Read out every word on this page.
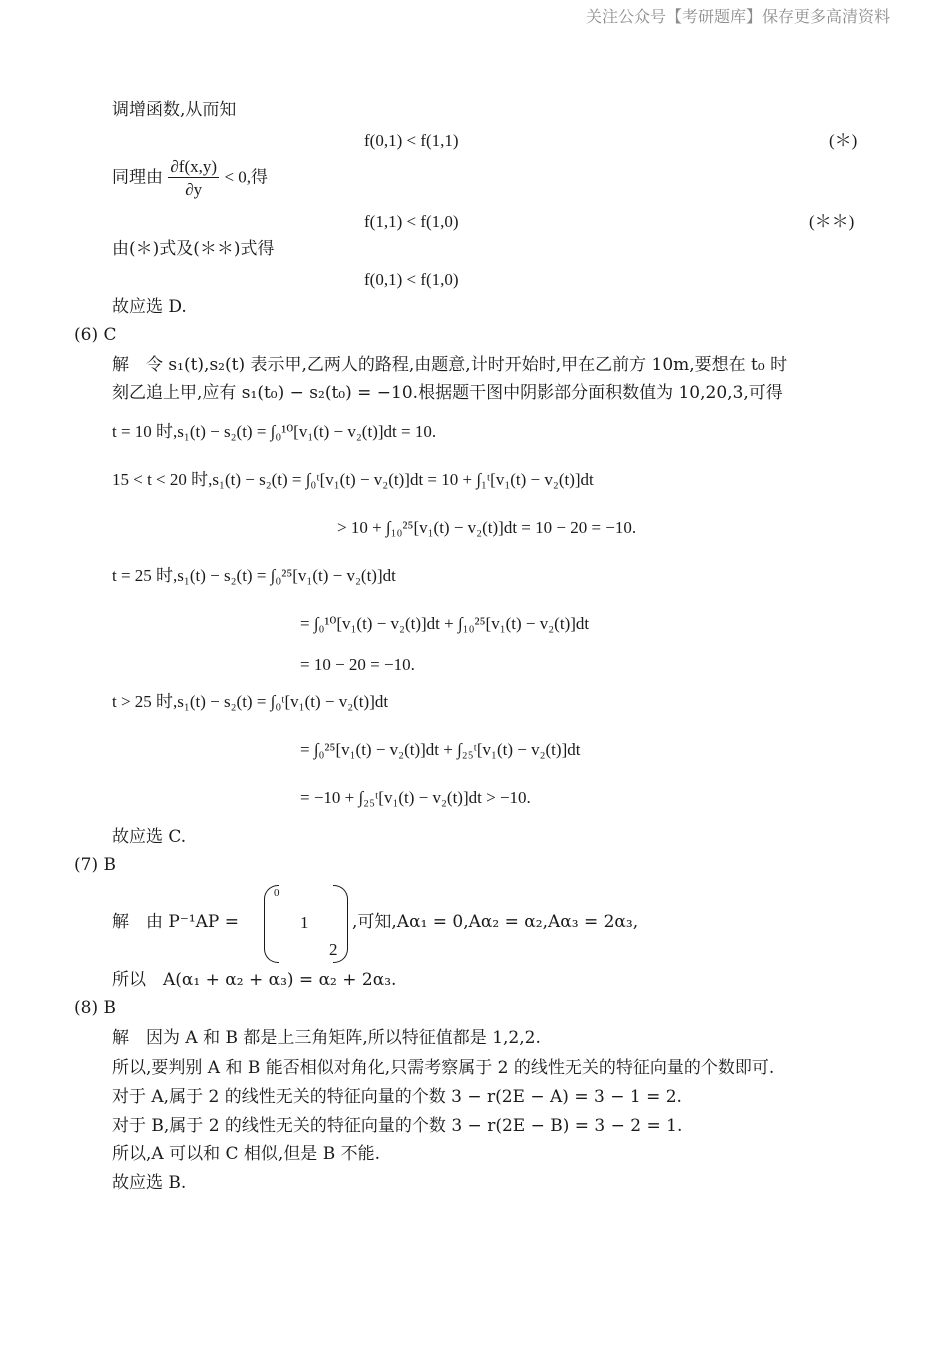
关注公众号【考研题库】保存更多高清资料
调增函数,从而知
f(0,1) < f(1,1)	(＊)
同理由 $\frac{\partial f(x,y)}{\partial y} < 0$,得
f(1,1) < f(1,0)	(＊＊)
由(＊)式及(＊＊)式得
f(0,1) < f(1,0)
故应选 D.
(6) C
解　令 s₁(t),s₂(t) 表示甲,乙两人的路程,由题意,计时开始时,甲在乙前方 10m,要想在 t₀ 时
刻乙追上甲,应有 s₁(t₀) − s₂(t₀) = −10.根据题干图中阴影部分面积数值为 10,20,3,可得
t = 10 时,s₁(t) − s₂(t) = ∫₀¹⁰[v₁(t) − v₂(t)]dt = 10.
15 < t < 20 时,s₁(t) − s₂(t) = ∫₀ᵗ[v₁(t) − v₂(t)]dt = 10 + ∫₁ᵗ[v₁(t) − v₂(t)]dt
> 10 + ∫₁₀²⁵[v₁(t) − v₂(t)]dt = 10 − 20 = −10.
t = 25 时,s₁(t) − s₂(t) = ∫₀²⁵[v₁(t) − v₂(t)]dt
= ∫₀¹⁰[v₁(t) − v₂(t)]dt + ∫₁₀²⁵[v₁(t) − v₂(t)]dt
= 10 − 20 = −10.
t > 25 时,s₁(t) − s₂(t) = ∫₀ᵗ[v₁(t) − v₂(t)]dt
= ∫₀²⁵[v₁(t) − v₂(t)]dt + ∫₂₅ᵗ[v₁(t) − v₂(t)]dt
= −10 + ∫₂₅ᵗ[v₁(t) − v₂(t)]dt > −10.
故应选 C.
(7) B
解　由 P⁻¹AP =
0
1
2
,可知,Aα₁ = 0,Aα₂ = α₂,Aα₃ = 2α₃,
所以　A(α₁ + α₂ + α₃) = α₂ + 2α₃.
(8) B
解　因为 A 和 B 都是上三角矩阵,所以特征值都是 1,2,2.
所以,要判别 A 和 B 能否相似对角化,只需考察属于 2 的线性无关的特征向量的个数即可.
对于 A,属于 2 的线性无关的特征向量的个数 3 − r(2E − A) = 3 − 1 = 2.
对于 B,属于 2 的线性无关的特征向量的个数 3 − r(2E − B) = 3 − 2 = 1.
所以,A 可以和 C 相似,但是 B 不能.
故应选 B.
